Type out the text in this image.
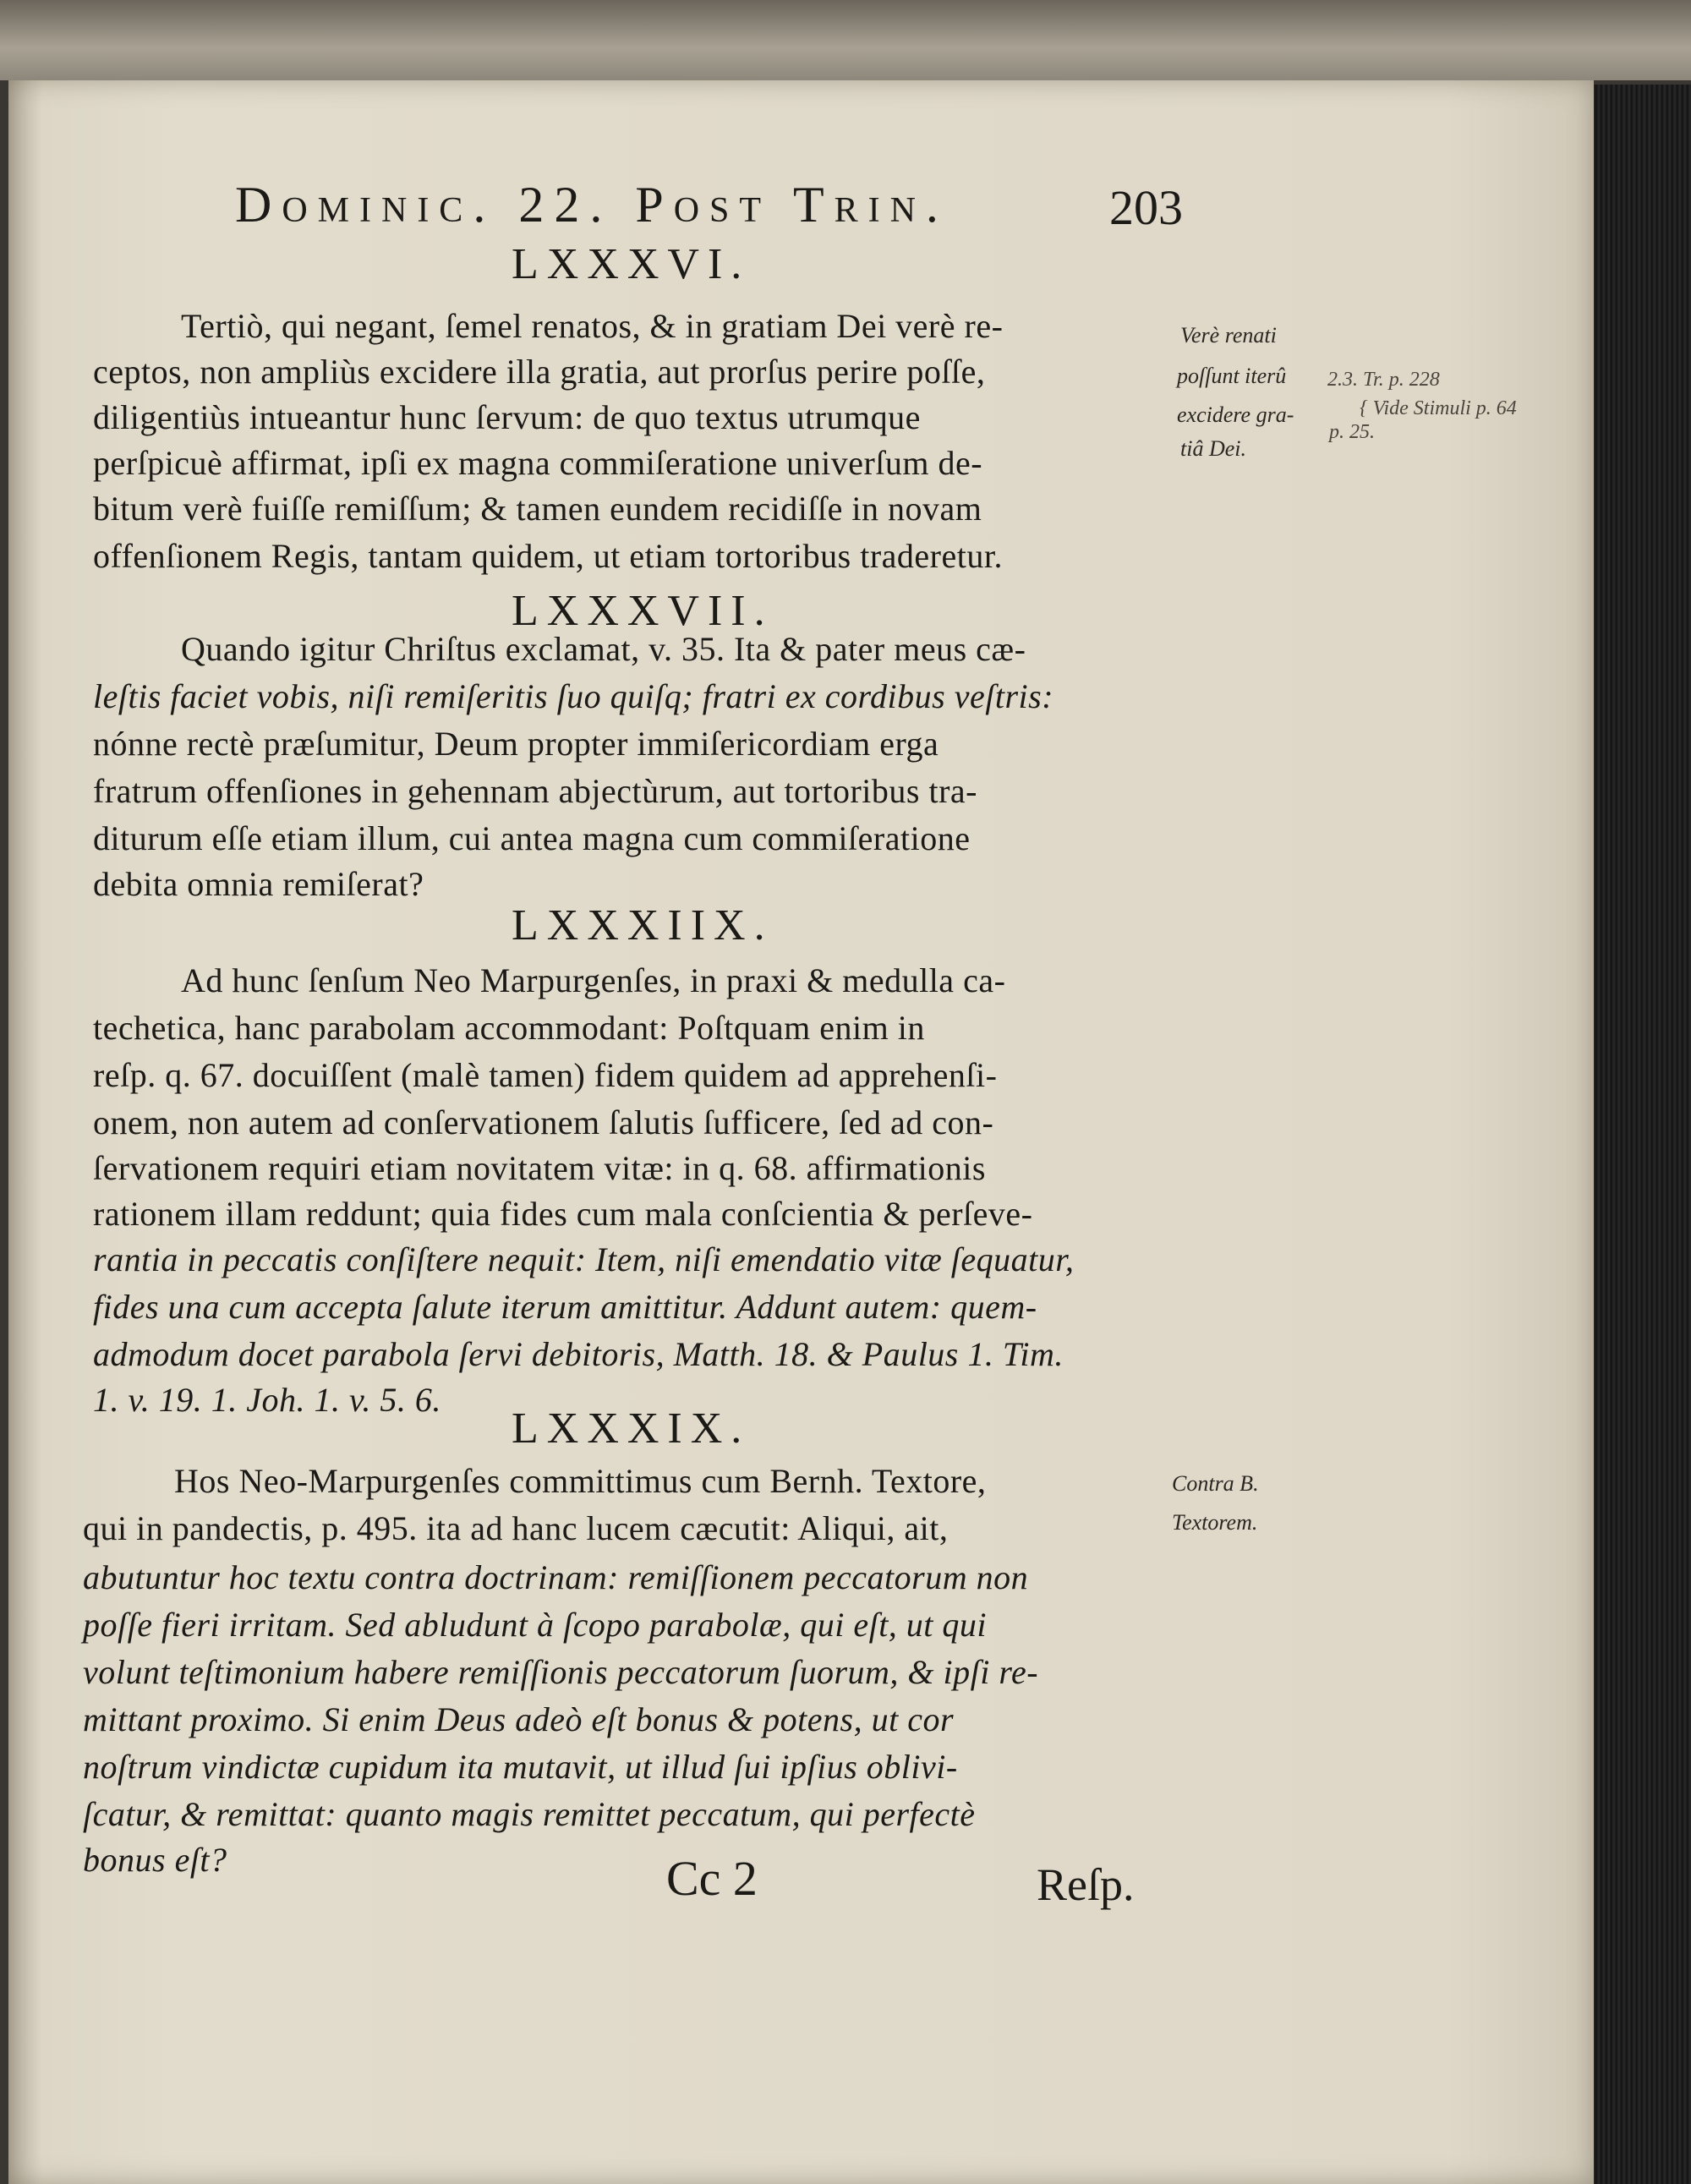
Dominic. 22. Post Trin.	203
LXXXVI.
Tertiò, qui negant, ſemel renatos, & in gratiam Dei verè re-
ceptos, non ampliùs excidere illa gratia, aut prorſus perire poſſe,
diligentiùs intueantur hunc ſervum: de quo textus utrumque
perſpicuè affirmat, ipſi ex magna commiſeratione univerſum de-
bitum verè fuiſſe remiſſum; & tamen eundem recidiſſe in novam
offenſionem Regis, tantam quidem, ut etiam tortoribus traderetur.
LXXXVII.
Quando igitur Chriſtus exclamat, v. 35. Ita & pater meus cæ-
leſtis faciet vobis, niſi remiſeritis ſuo quiſq; fratri ex cordibus veſtris:
nónne rectè præſumitur, Deum propter immiſericordiam erga
fratrum offenſiones in gehennam abjectùrum, aut tortoribus tra-
diturum eſſe etiam illum, cui antea magna cum commiſeratione
debita omnia remiſerat?
LXXXIIX.
Ad hunc ſenſum Neo Marpurgenſes, in praxi & medulla ca-
techetica, hanc parabolam accommodant: Poſtquam enim in
reſp. q. 67. docuiſſent (malè tamen) fidem quidem ad apprehenſi-
onem, non autem ad conſervationem ſalutis ſufficere, ſed ad con-
ſervationem requiri etiam novitatem vitæ: in q. 68. affirmationis
rationem illam reddunt; quia fides cum mala conſcientia & perſeve-
rantia in peccatis conſiſtere nequit: Item, niſi emendatio vitæ ſequatur,
fides una cum accepta ſalute iterum amittitur. Addunt autem: quem-
admodum docet parabola ſervi debitoris, Matth. 18. & Paulus 1. Tim.
1. v. 19. 1. Joh. 1. v. 5. 6.
LXXXIX.
Hos Neo-Marpurgenſes committimus cum Bernh. Textore,
qui in pandectis, p. 495. ita ad hanc lucem cæcutit: Aliqui, ait,
abutuntur hoc textu contra doctrinam: remiſſionem peccatorum non
poſſe fieri irritam. Sed abludunt à ſcopo parabolæ, qui eſt, ut qui
volunt teſtimonium habere remiſſionis peccatorum ſuorum, & ipſi re-
mittant proximo. Si enim Deus adeò eſt bonus & potens, ut cor
noſtrum vindictæ cupidum ita mutavit, ut illud ſui ipſius oblivi-
ſcatur, & remittat: quanto magis remittet peccatum, qui perfectè
bonus eſt?
Verè renati
poſſunt iterû
excidere gra-
tiâ Dei.
2.3. Tr. p. 228
{ Vide Stimuli p. 64
p. 25.
Contra B.
Textorem.
Cc 2	Reſp.
